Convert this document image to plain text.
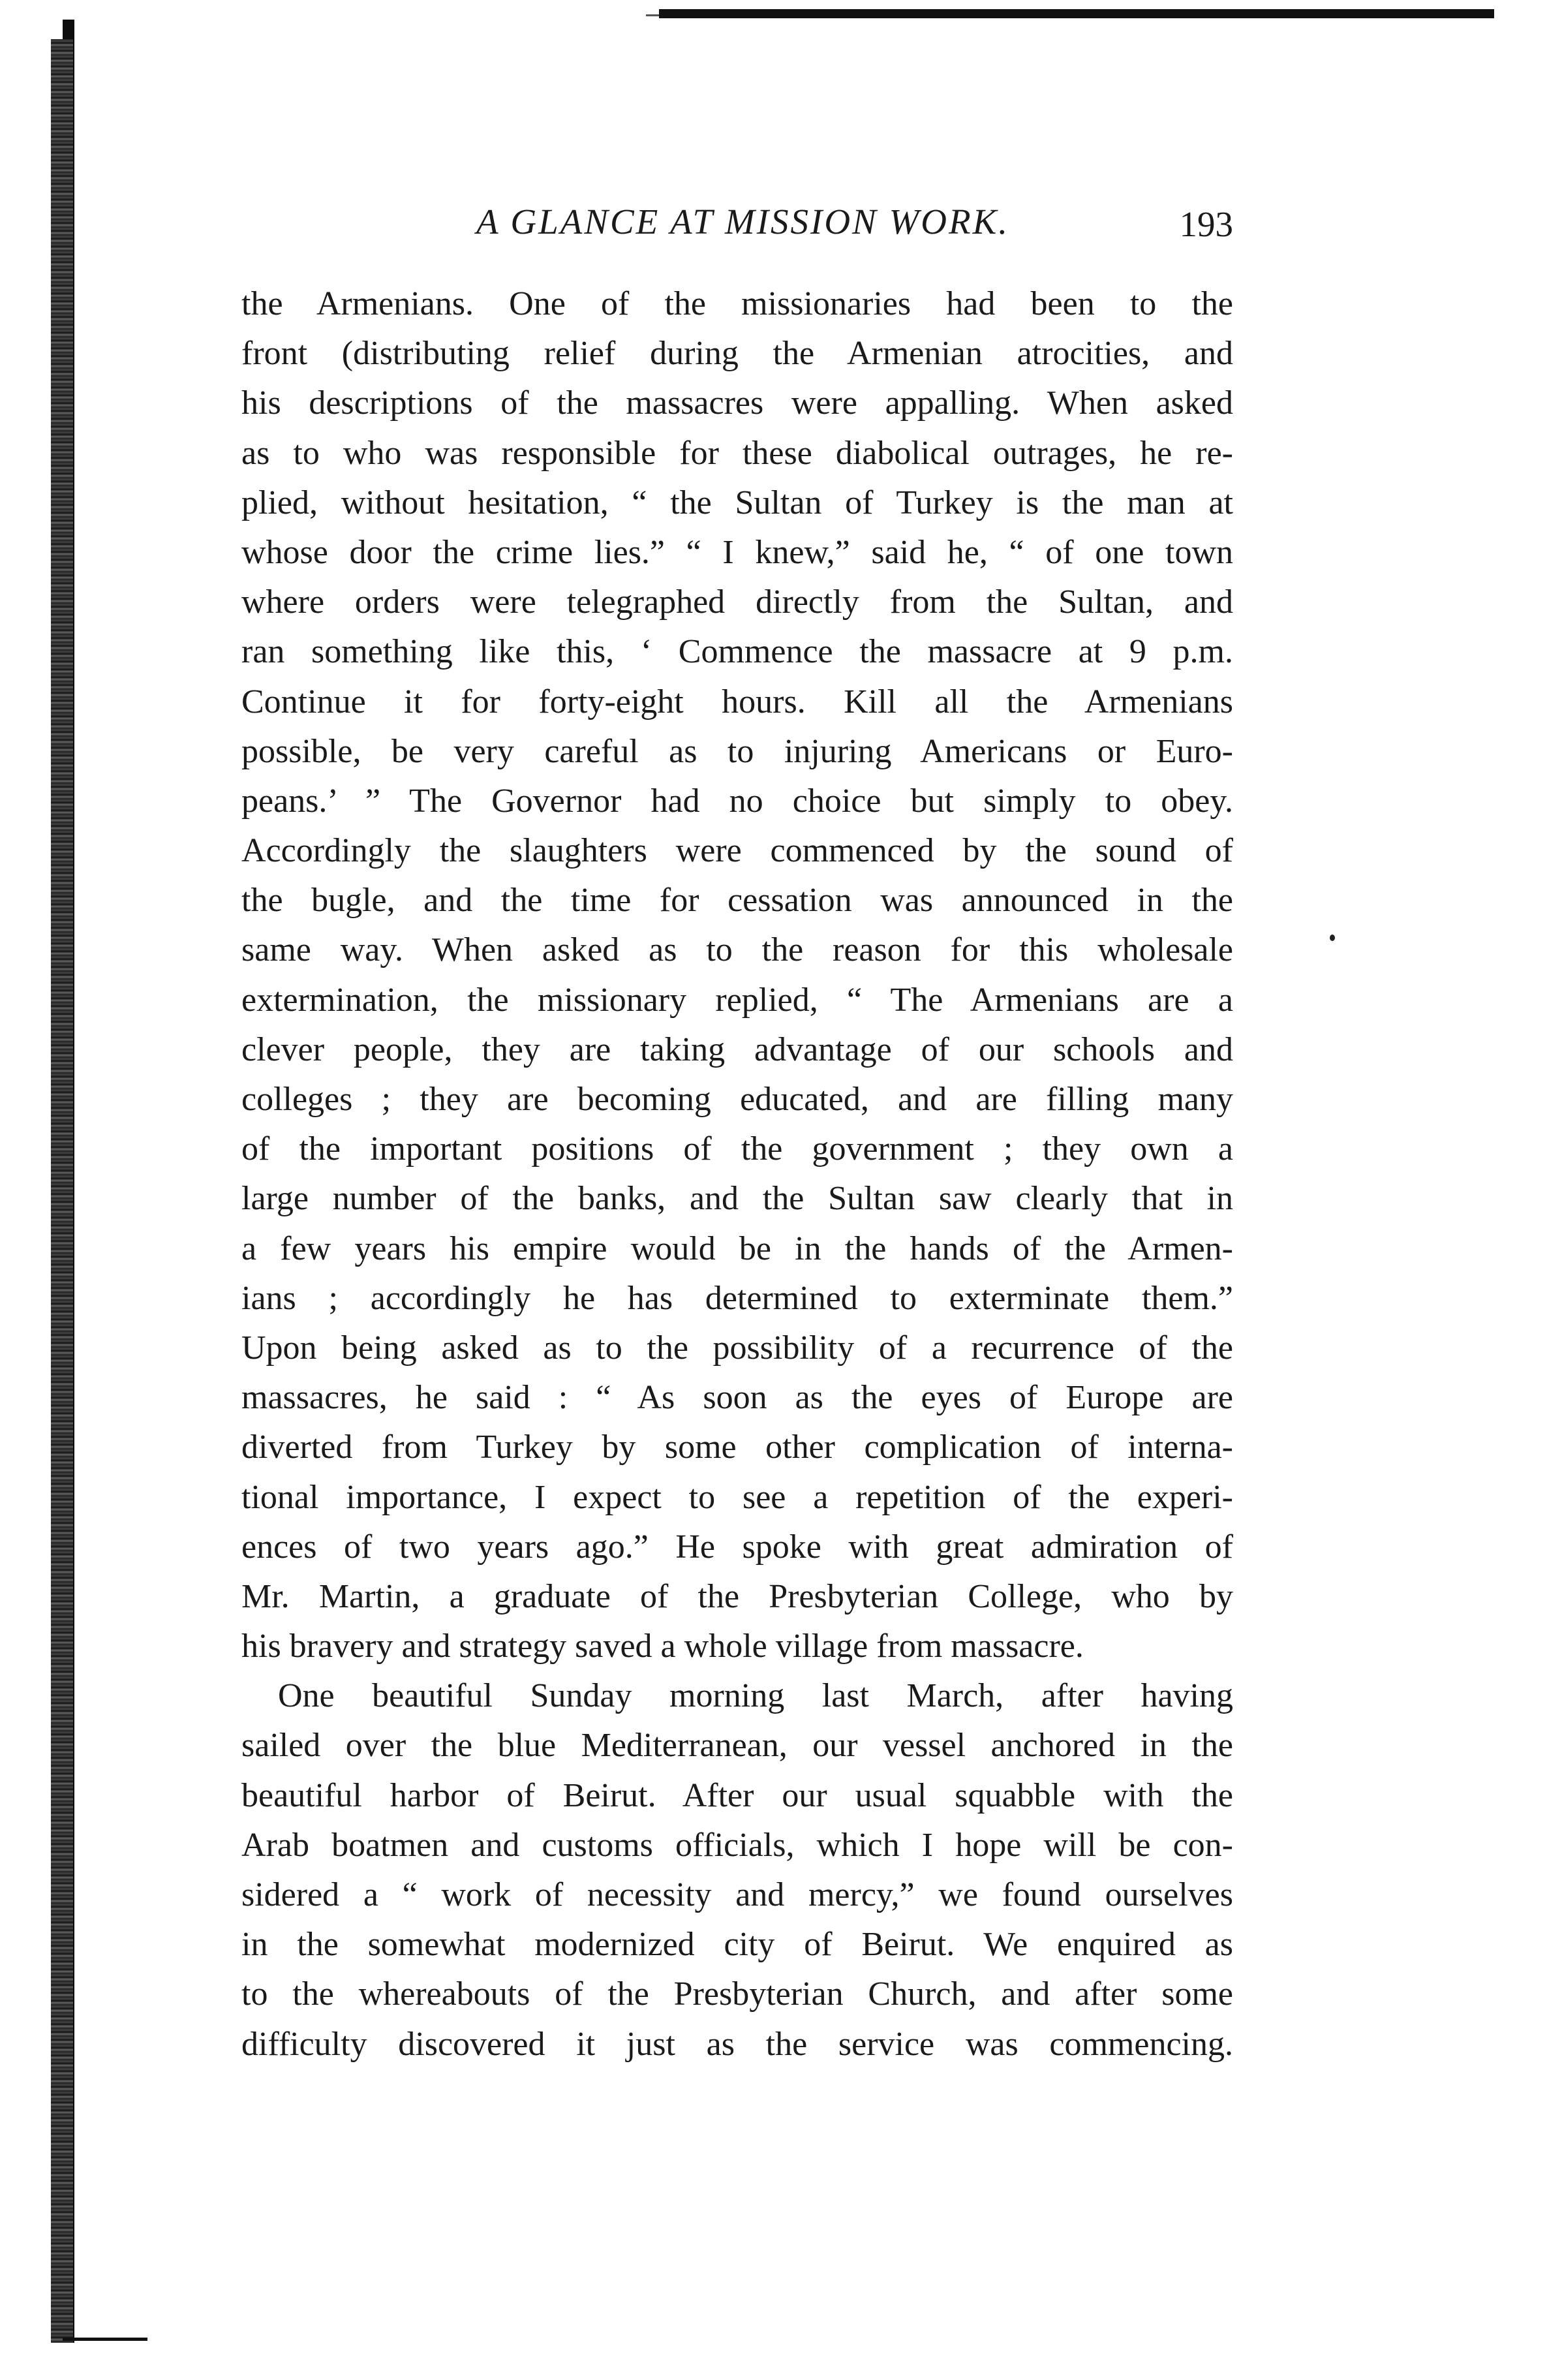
A GLANCE AT MISSION WORK.	193
the Armenians. One of the missionaries had been to the
front (distributing relief during the Armenian atrocities, and
his descriptions of the massacres were appalling. When asked
as to who was responsible for these diabolical outrages, he re-
plied, without hesitation, “ the Sultan of Turkey is the man at
whose door the crime lies.” “ I knew,” said he, “ of one town
where orders were telegraphed directly from the Sultan, and
ran something like this, ‘ Commence the massacre at 9 p.m.
Continue it for forty-eight hours. Kill all the Armenians
possible, be very careful as to injuring Americans or Euro-
peans.’ ” The Governor had no choice but simply to obey.
Accordingly the slaughters were commenced by the sound of
the bugle, and the time for cessation was announced in the
same way. When asked as to the reason for this wholesale
extermination, the missionary replied, “ The Armenians are a
clever people, they are taking advantage of our schools and
colleges ; they are becoming educated, and are filling many
of the important positions of the government ; they own a
large number of the banks, and the Sultan saw clearly that in
a few years his empire would be in the hands of the Armen-
ians ; accordingly he has determined to exterminate them.”
Upon being asked as to the possibility of a recurrence of the
massacres, he said : “ As soon as the eyes of Europe are
diverted from Turkey by some other complication of interna-
tional importance, I expect to see a repetition of the experi-
ences of two years ago.” He spoke with great admiration of
Mr. Martin, a graduate of the Presbyterian College, who by
his bravery and strategy saved a whole village from massacre.
One beautiful Sunday morning last March, after having
sailed over the blue Mediterranean, our vessel anchored in the
beautiful harbor of Beirut. After our usual squabble with the
Arab boatmen and customs officials, which I hope will be con-
sidered a “ work of necessity and mercy,” we found ourselves
in the somewhat modernized city of Beirut. We enquired as
to the whereabouts of the Presbyterian Church, and after some
difficulty discovered it just as the service was commencing.
